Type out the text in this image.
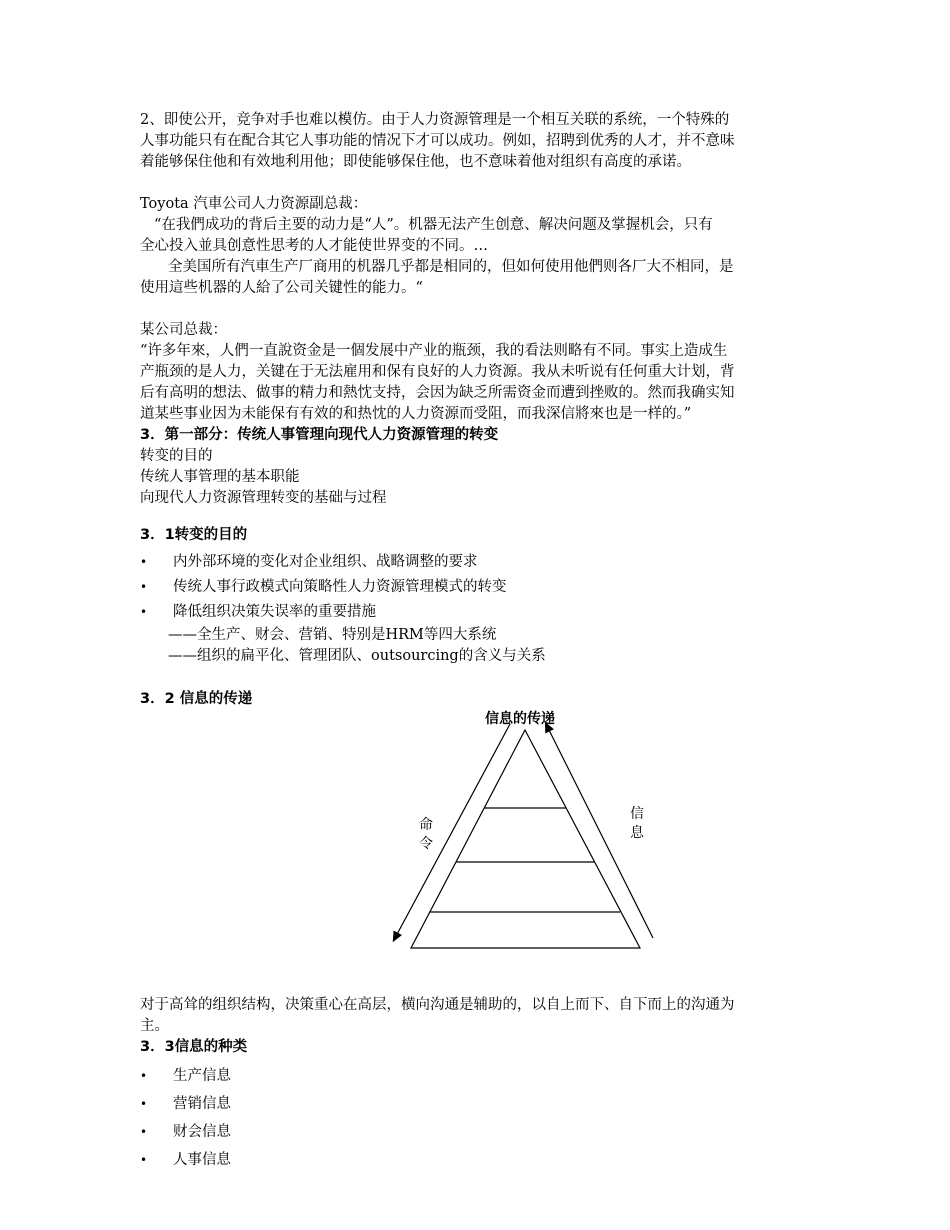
2、即使公开，竞争对手也难以模仿。由于人力资源管理是一个相互关联的系统，一个特殊的

人事功能只有在配合其它人事功能的情况下才可以成功。例如，招聘到优秀的人才，并不意味

着能够保住他和有效地利用他；即使能够保住他，也不意味着他对组织有高度的承诺。

Toyota 汽車公司人力资源副总裁：

“在我們成功的背后主要的动力是“人”。机器无法产生创意、解决问题及掌握机会，只有

全心投入並具创意性思考的人才能使世界变的不同。…

全美国所有汽車生产厂商用的机器几乎都是相同的，但如何使用他們则各厂大不相同，是

使用這些机器的人給了公司关键性的能力。“

某公司总裁：

“许多年來，人們一直說资金是一個发展中产业的瓶颈，我的看法则略有不同。事实上造成生

产瓶颈的是人力，关键在于无法雇用和保有良好的人力资源。我从未听说有任何重大计划，背

后有高明的想法、做事的精力和熱忱支持，会因为缺乏所需资金而遭到挫败的。然而我确实知

道某些事业因为未能保有有效的和热忱的人力资源而受阻，而我深信將來也是一样的。”

3．第一部分：传统人事管理向现代人力资源管理的转变

转变的目的

传统人事管理的基本职能

向现代人力资源管理转变的基础与过程

3．1转变的目的

•	内外部环境的变化对企业组织、战略调整的要求
•	传统人事行政模式向策略性人力资源管理模式的转变
•	降低组织决策失误率的重要措施

——全生产、财会、营销、特别是HRM等四大系统

——组织的扁平化、管理团队、outsourcing的含义与关系

3．2 信息的传递

信息的传递
命
令
信
息

对于高耸的组织结构，决策重心在高层，横向沟通是辅助的，以自上而下、自下而上的沟通为

主。

3．3信息的种类

•	生产信息
•	营销信息
•	财会信息
•	人事信息
